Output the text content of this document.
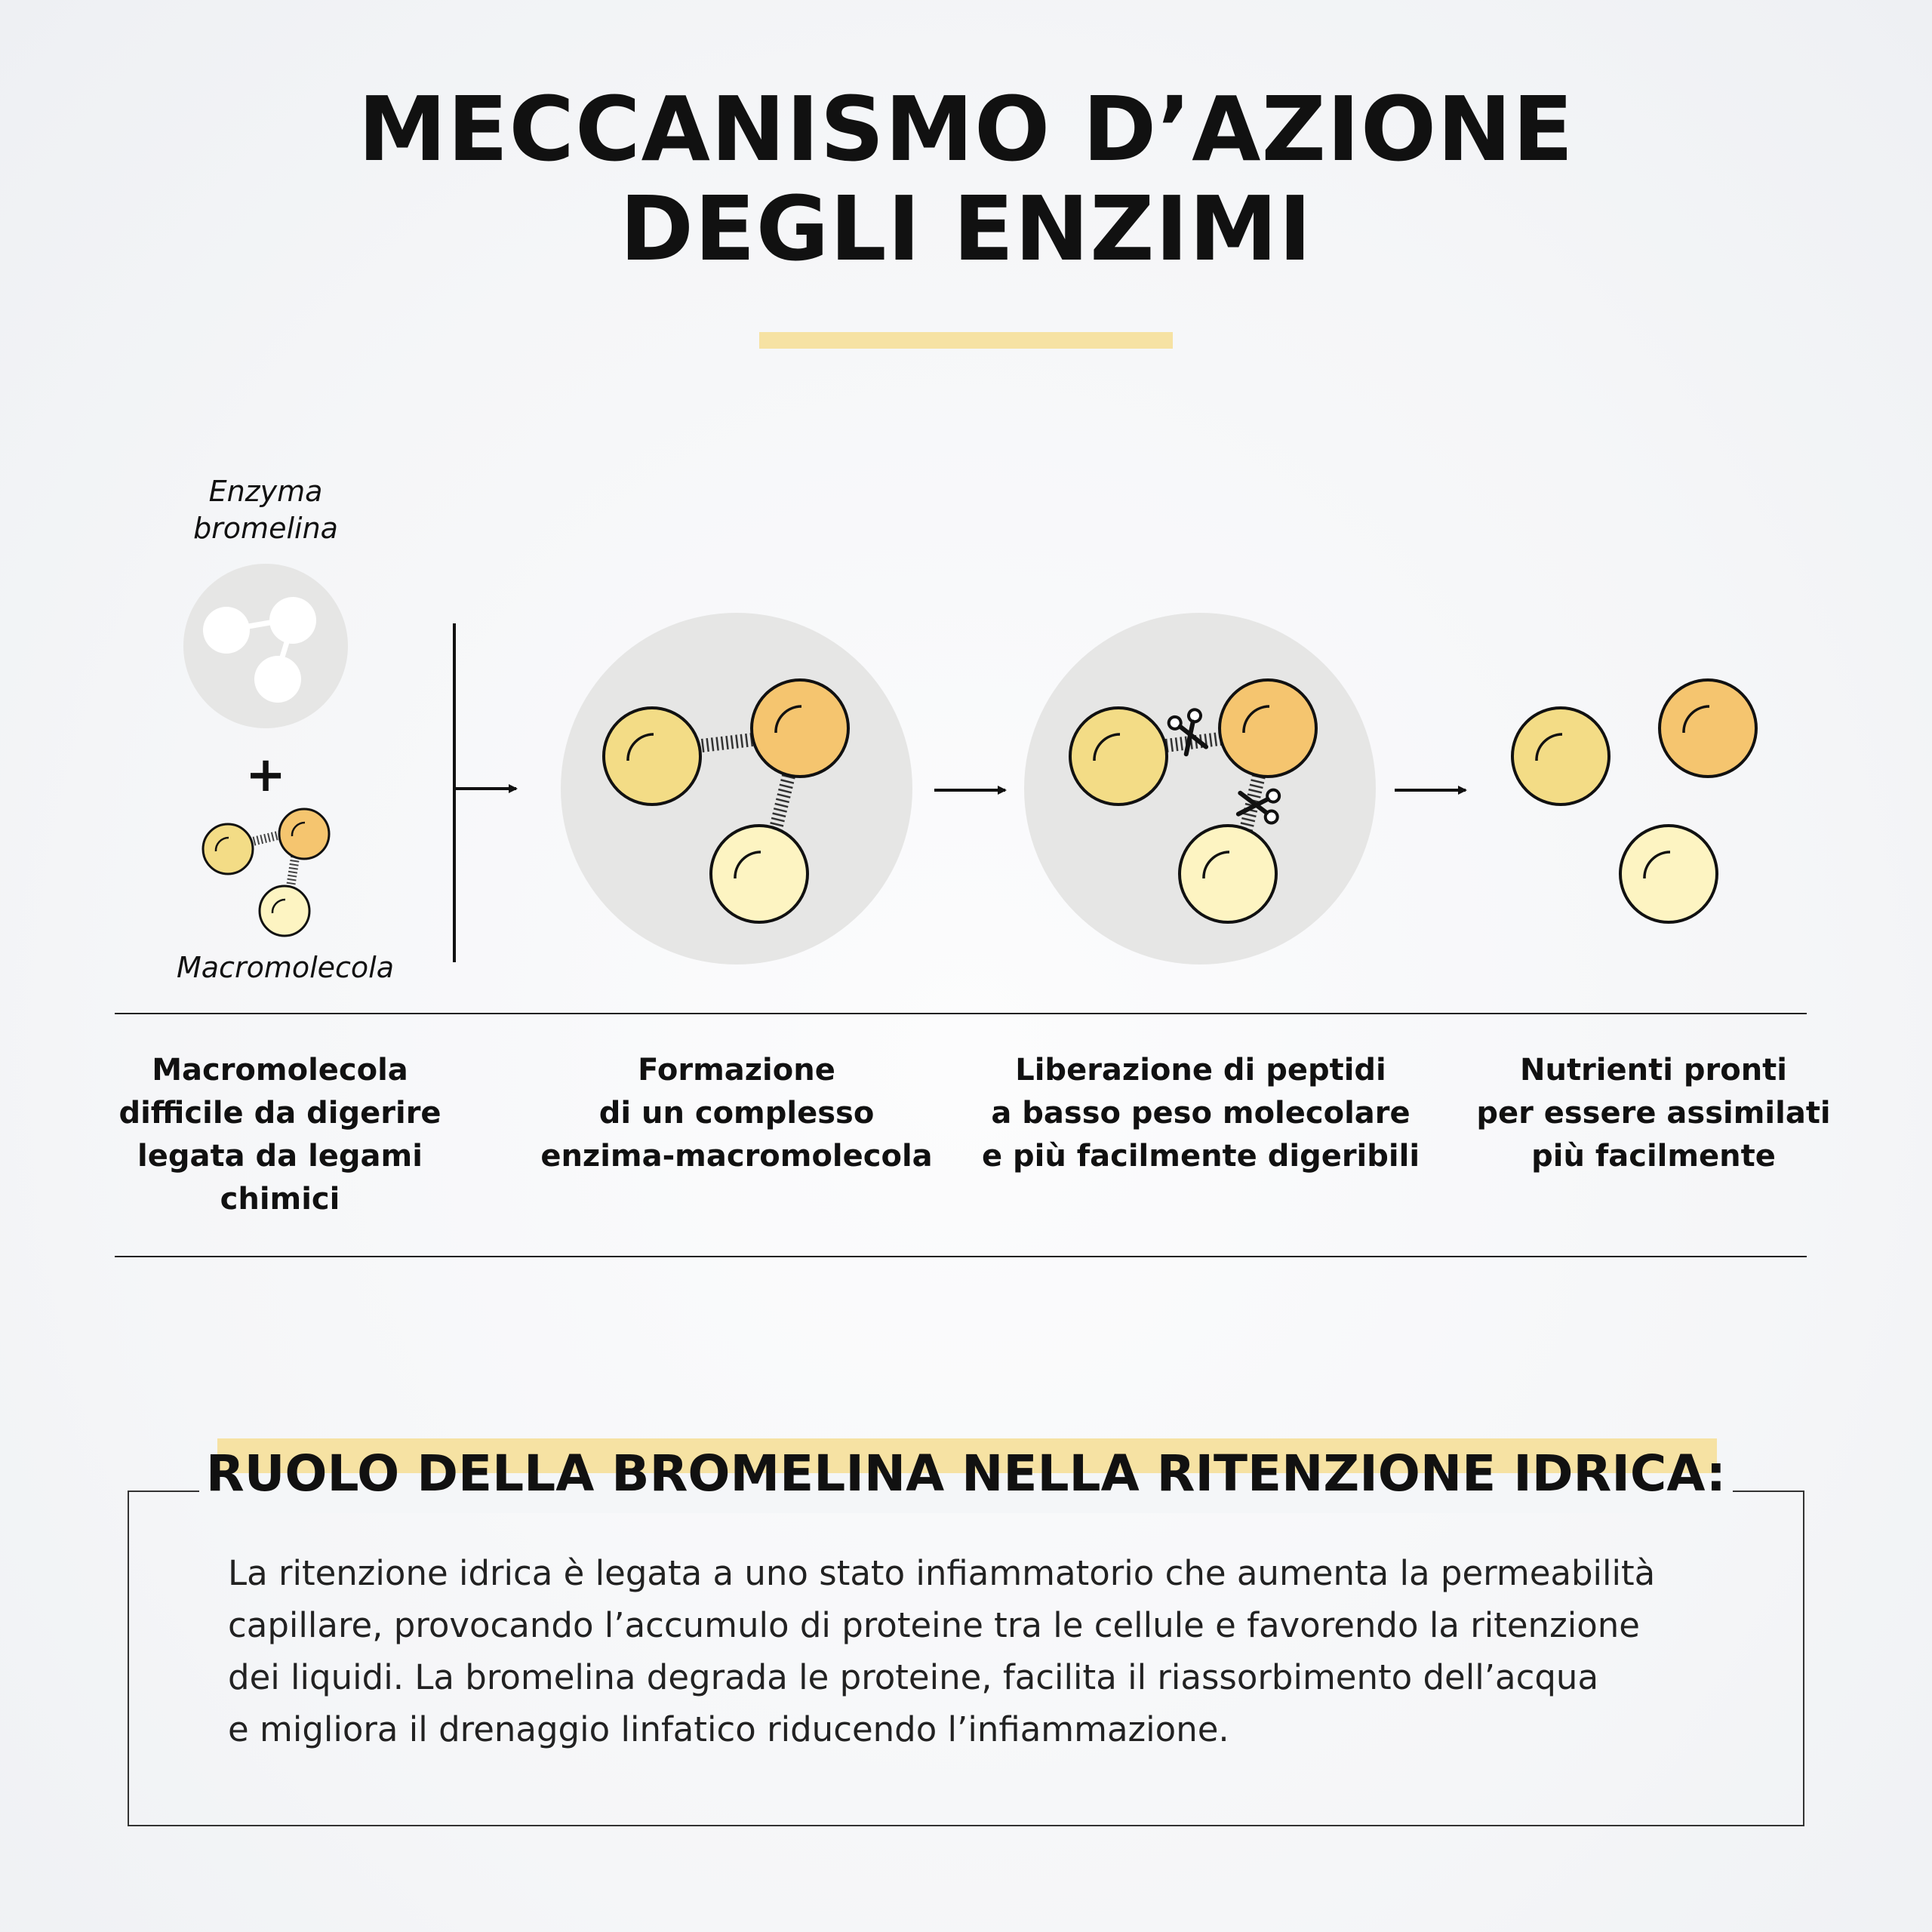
MECCANISMO D’AZIONE
DEGLI ENZIMI
Enzyma
bromelina
+
Macromolecola
Macromolecola
difficile da digerire
legata da legami
chimici
Formazione
di un complesso
enzima-macromolecola
Liberazione di peptidi
a basso peso molecolare
e più facilmente digeribili
Nutrienti pronti
per essere assimilati
più facilmente
RUOLO DELLA BROMELINA NELLA RITENZIONE IDRICA:
La ritenzione idrica è legata a uno stato infiammatorio che aumenta la permeabilità
capillare, provocando l’accumulo di proteine tra le cellule e favorendo la ritenzione
dei liquidi. La bromelina degrada le proteine, facilita il riassorbimento dell’acqua
e migliora il drenaggio linfatico riducendo l’infiammazione.
